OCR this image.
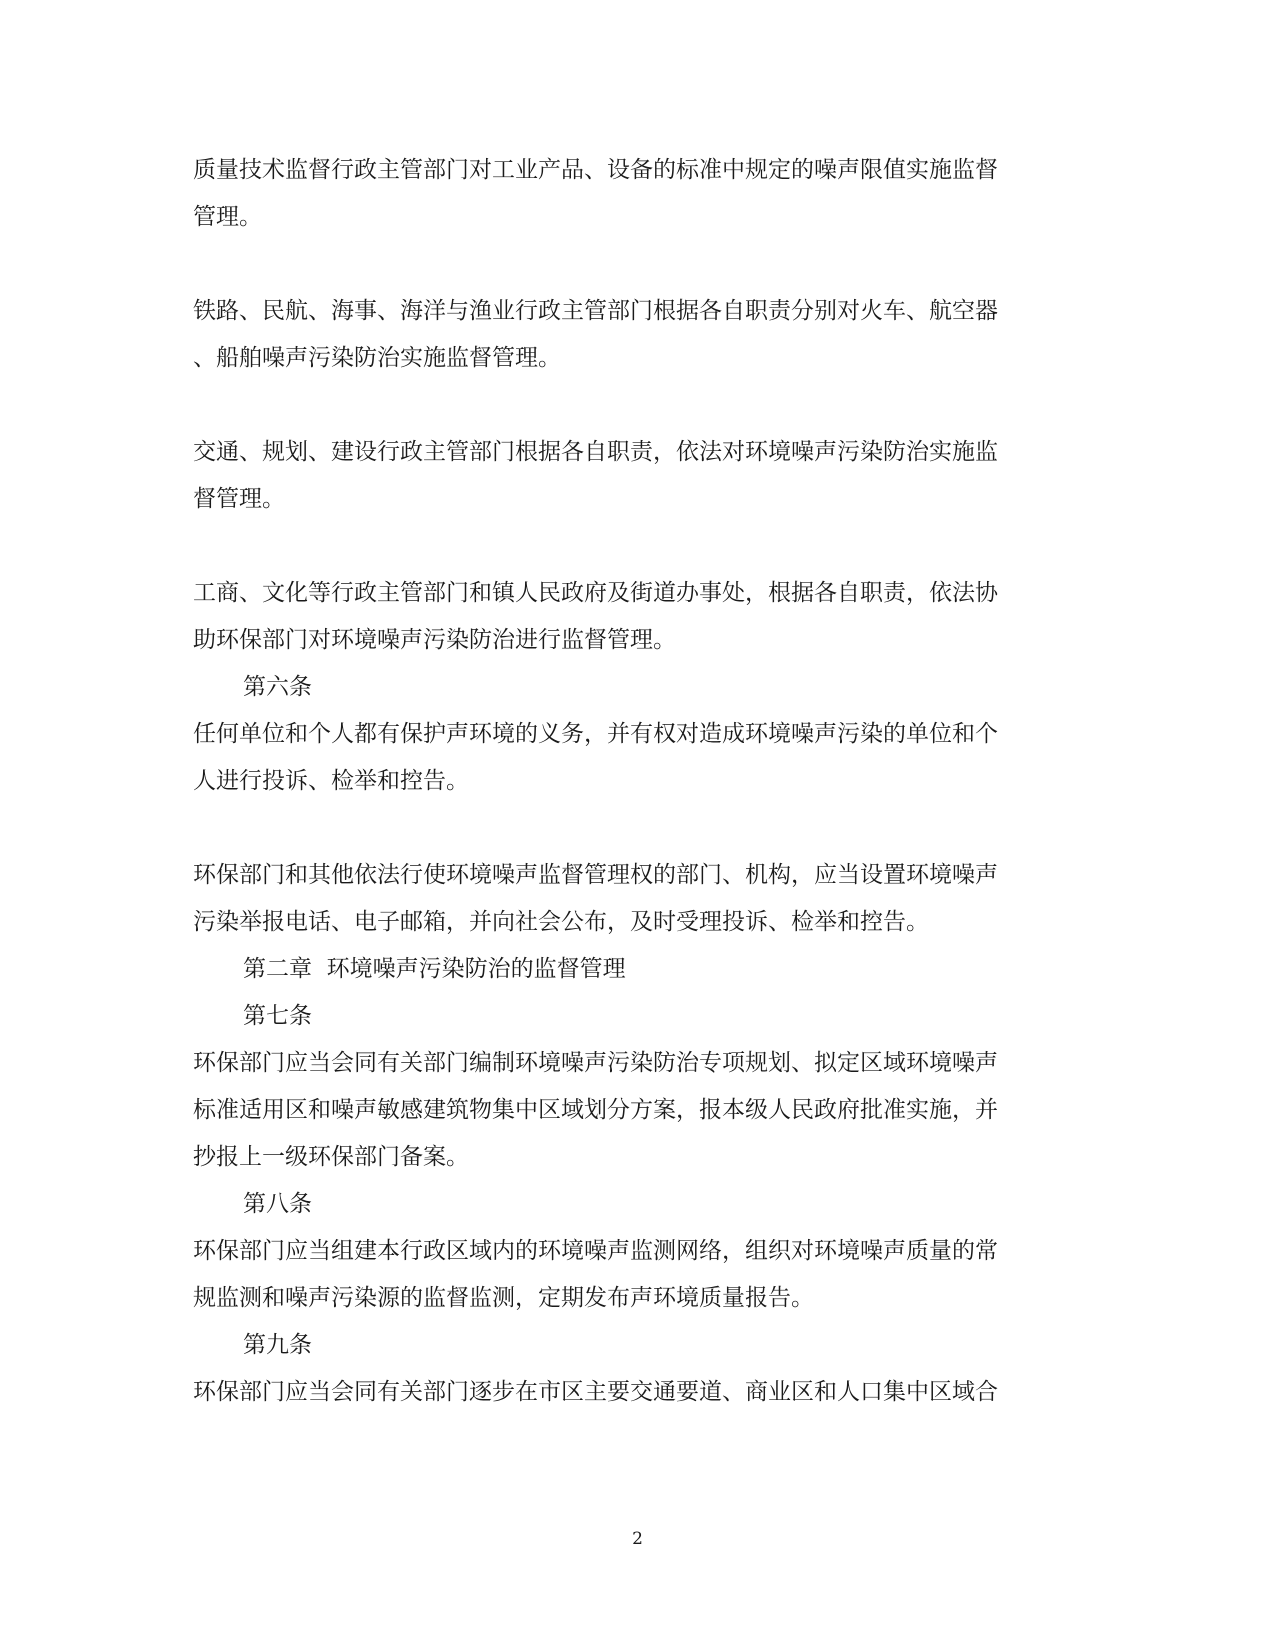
质量技术监督行政主管部门对工业产品、设备的标准中规定的噪声限值实施监督
管理。
铁路、民航、海事、海洋与渔业行政主管部门根据各自职责分别对火车、航空器
、船舶噪声污染防治实施监督管理。
交通、规划、建设行政主管部门根据各自职责，依法对环境噪声污染防治实施监
督管理。
工商、文化等行政主管部门和镇人民政府及街道办事处，根据各自职责，依法协
助环保部门对环境噪声污染防治进行监督管理。
第六条
任何单位和个人都有保护声环境的义务，并有权对造成环境噪声污染的单位和个
人进行投诉、检举和控告。
环保部门和其他依法行使环境噪声监督管理权的部门、机构，应当设置环境噪声
污染举报电话、电子邮箱，并向社会公布，及时受理投诉、检举和控告。
第二章  环境噪声污染防治的监督管理
第七条
环保部门应当会同有关部门编制环境噪声污染防治专项规划、拟定区域环境噪声
标准适用区和噪声敏感建筑物集中区域划分方案，报本级人民政府批准实施，并
抄报上一级环保部门备案。
第八条
环保部门应当组建本行政区域内的环境噪声监测网络，组织对环境噪声质量的常
规监测和噪声污染源的监督监测，定期发布声环境质量报告。
第九条
环保部门应当会同有关部门逐步在市区主要交通要道、商业区和人口集中区域合
2
